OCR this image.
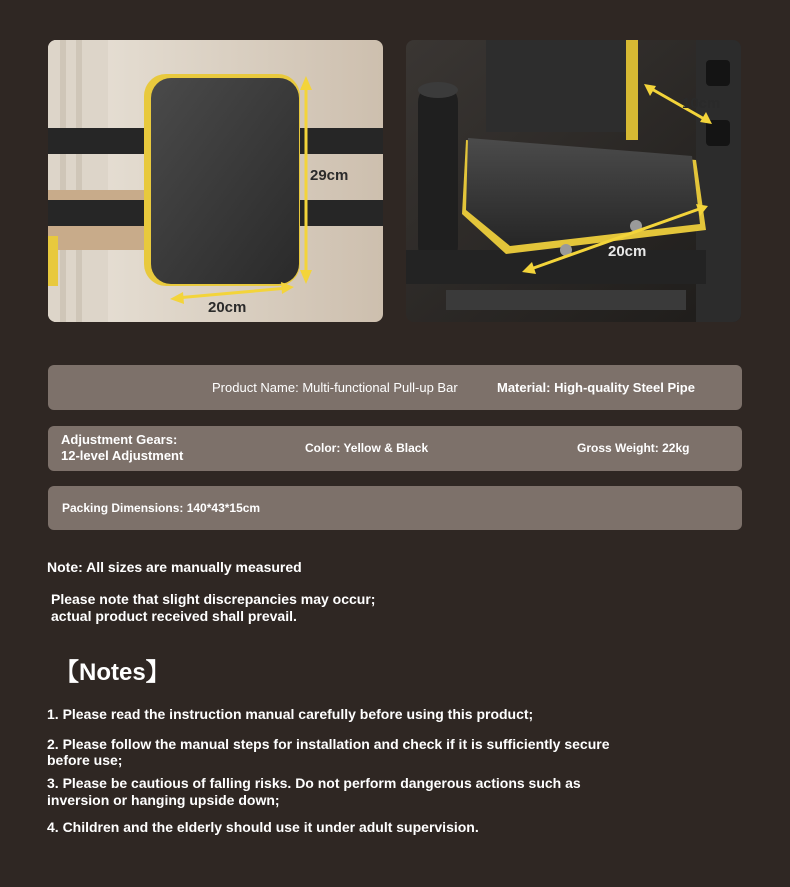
29cm
20cm
10cm
20cm
Product Name: Multi-functional Pull-up Bar	Material: High-quality Steel Pipe
Adjustment Gears:
12-level Adjustment	Color: Yellow & Black	Gross Weight: 22kg
Packing Dimensions: 140*43*15cm
Note: All sizes are manually measured
Please note that slight discrepancies may occur;
actual product received shall prevail.
【Notes】
1. Please read the instruction manual carefully before using this product;
2. Please follow the manual steps for installation and check if it is sufficiently secure
before use;
3. Please be cautious of falling risks. Do not perform dangerous actions such as
inversion or hanging upside down;
4. Children and the elderly should use it under adult supervision.
